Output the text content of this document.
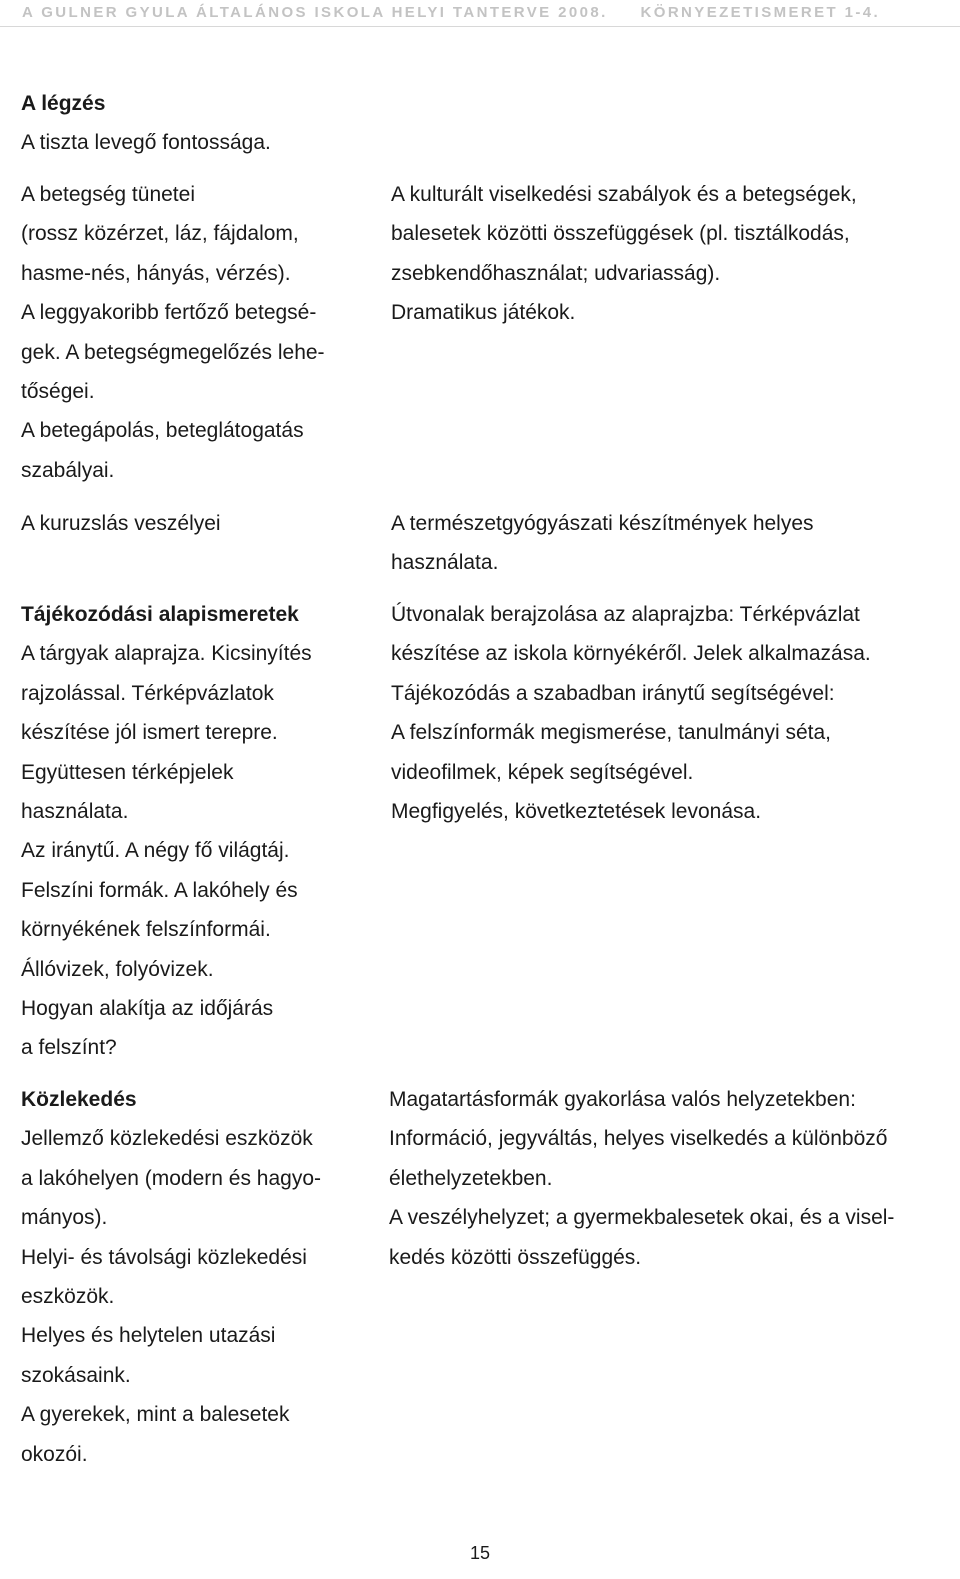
A GULNER GYULA ÁLTALÁNOS ISKOLA HELYI TANTERVE 2008.     KÖRNYEZETISMERET 1-4.
A légzés
A tiszta levegő fontossága.
A betegség tünetei
(rossz közérzet, láz, fájdalom,
hasme-nés, hányás, vérzés).
A leggyakoribb fertőző betegsé-
gek. A betegségmegelőzés lehe-
tőségei.
A betegápolás, beteglátogatás
szabályai.
A kulturált viselkedési szabályok és a betegségek,
balesetek közötti összefüggések (pl. tisztálkodás,
zsebkendőhasználat; udvariasság).
Dramatikus játékok.
A kuruzslás veszélyei	A természetgyógyászati készítmények helyes
használata.
Tájékozódási alapismeretek
A tárgyak alaprajza. Kicsinyítés
rajzolással. Térképvázlatok
készítése jól ismert terepre.
Együttesen térképjelek
használata.
Az iránytű. A négy fő világtáj.
Felszíni formák. A lakóhely és
környékének felszínformái.
Állóvizek, folyóvizek.
Hogyan alakítja az időjárás
a felszínt?
Útvonalak berajzolása az alaprajzba: Térképvázlat
készítése az iskola környékéről. Jelek alkalmazása.
Tájékozódás a szabadban iránytű segítségével:
A felszínformák megismerése, tanulmányi séta,
videofilmek, képek segítségével.
Megfigyelés, következtetések levonása.
Közlekedés
Jellemző közlekedési eszközök
a lakóhelyen (modern és hagyo-
mányos).
Helyi- és távolsági közlekedési
eszközök.
Helyes és helytelen utazási
szokásaink.
A gyerekek, mint a balesetek
okozói.
Magatartásformák gyakorlása valós helyzetekben:
Információ, jegyváltás, helyes viselkedés a különböző
élethelyzetekben.
A veszélyhelyzet; a gyermekbalesetek okai, és a visel-
kedés közötti összefüggés.
15
